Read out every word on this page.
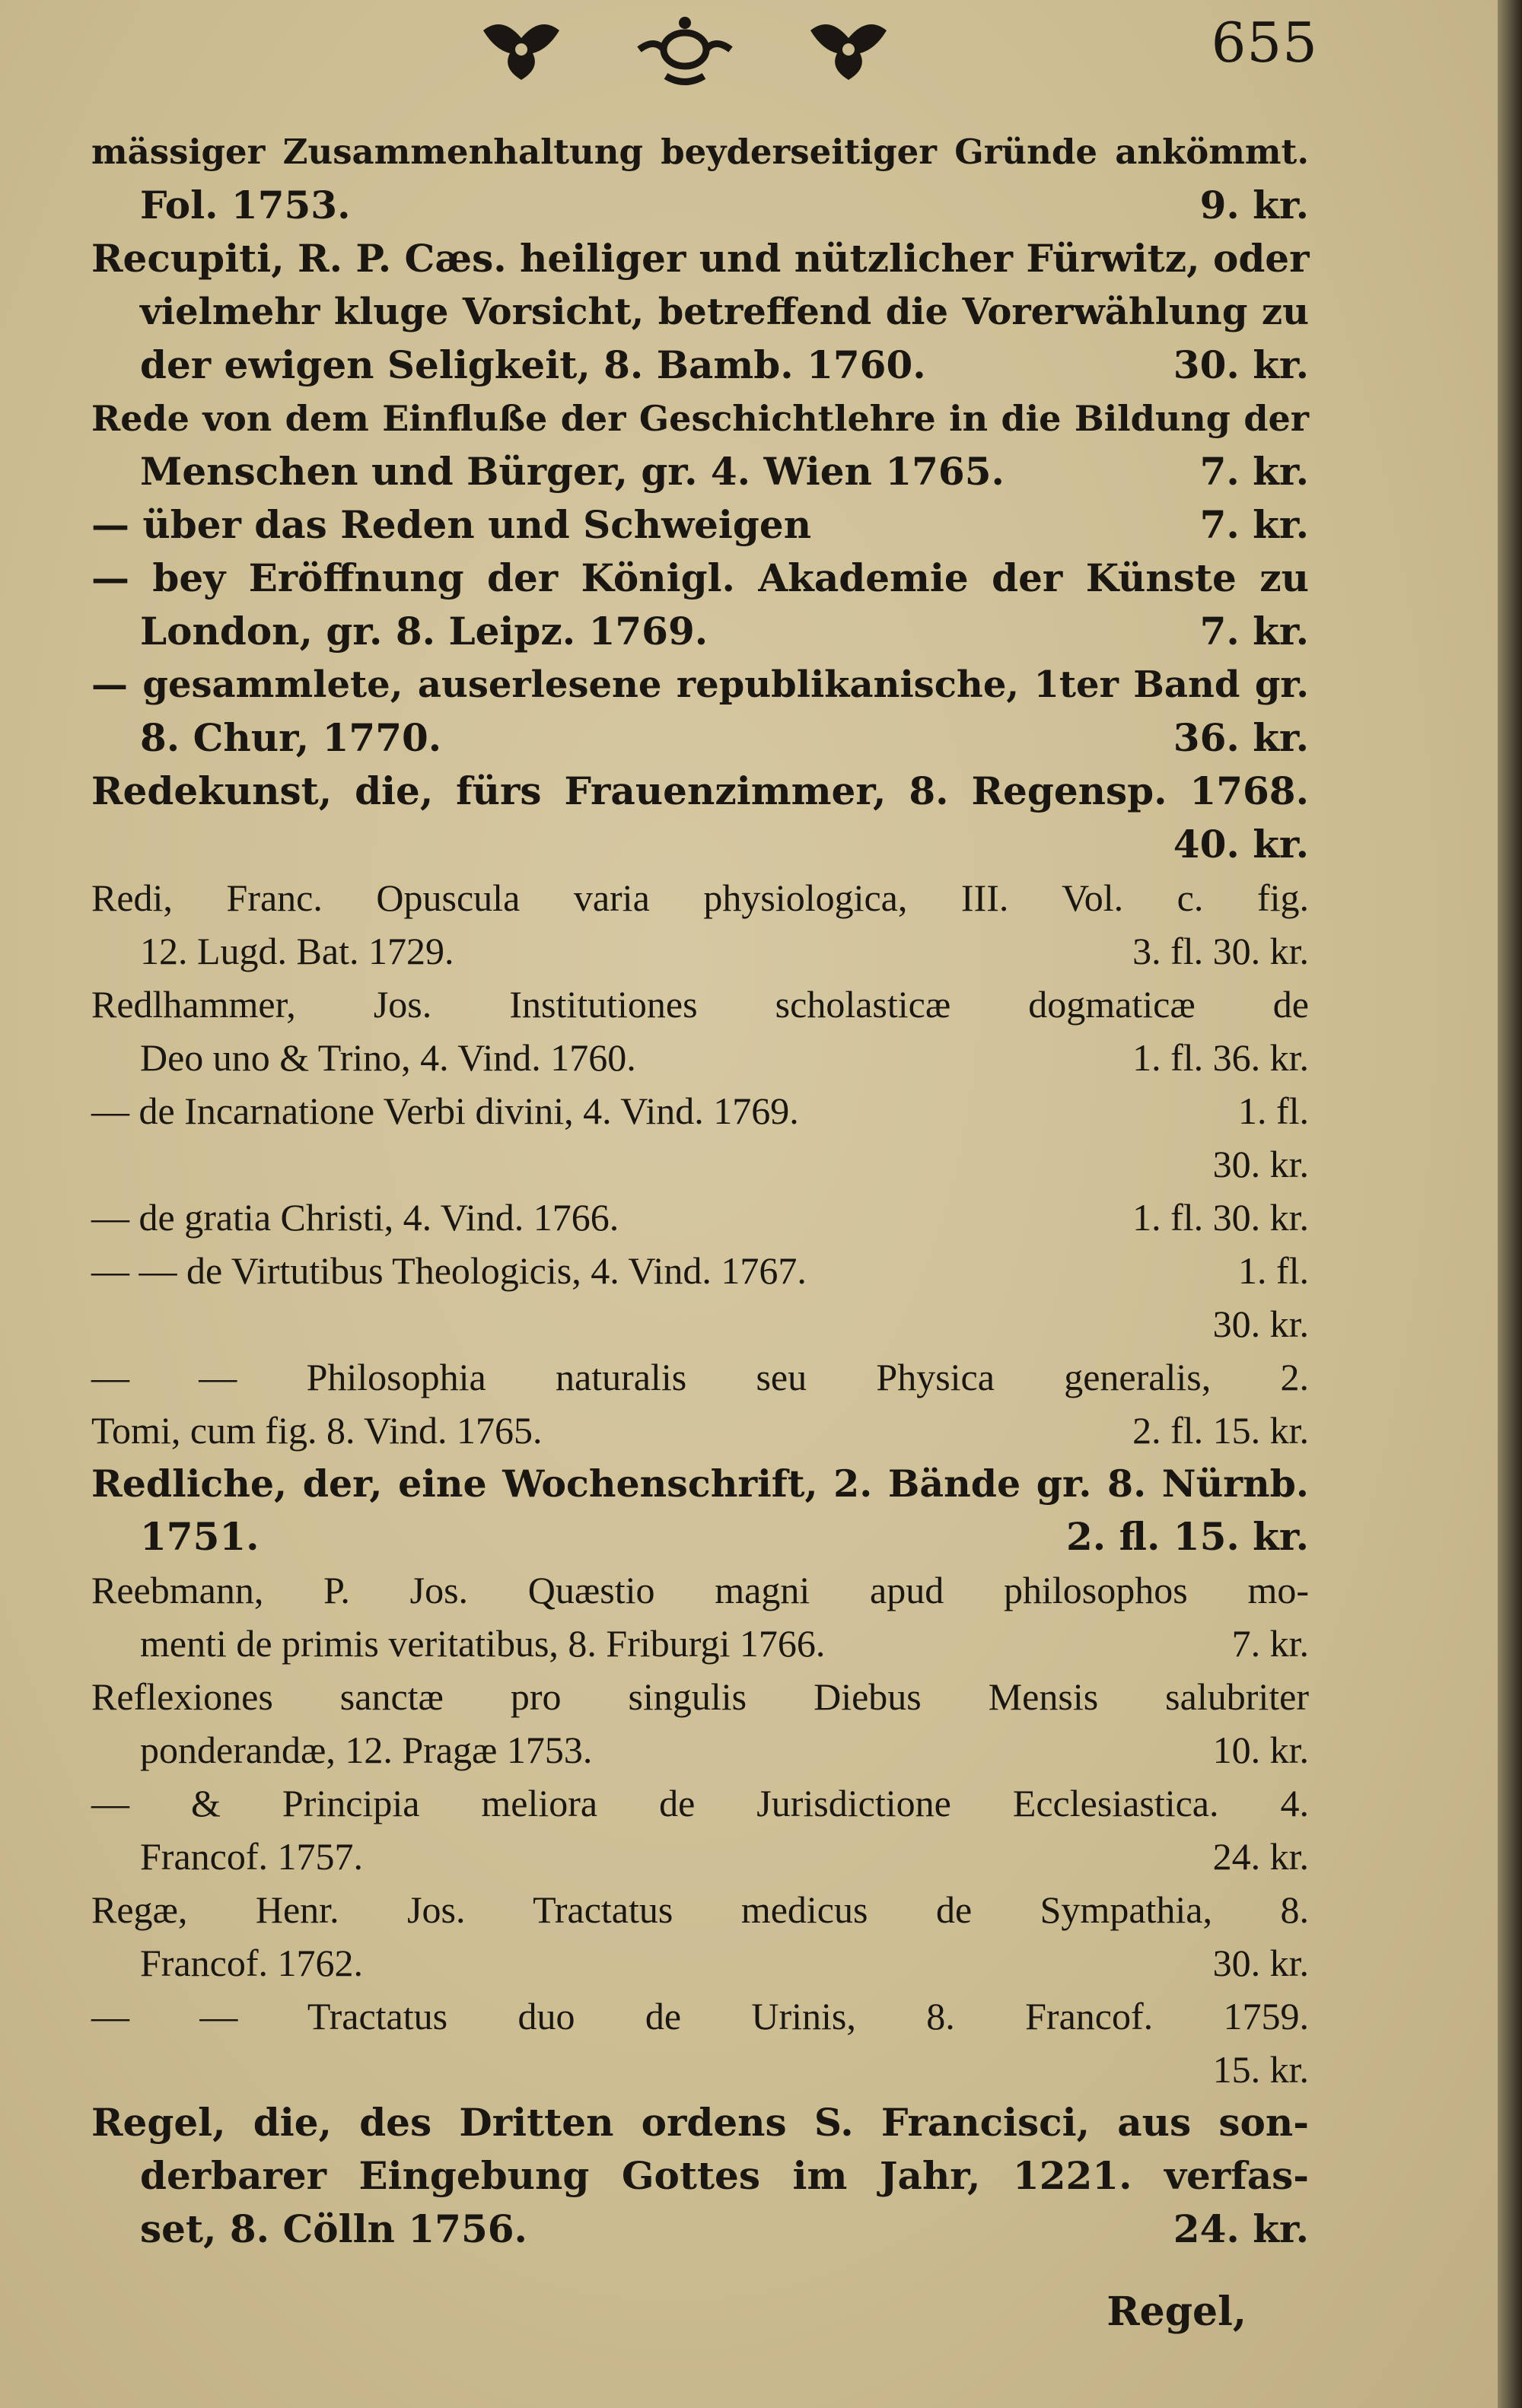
655
mässiger Zusammenhaltung beyderseitiger Gründe ankömmt.
Fol. 1753.	9. kr.
Recupiti, R. P. Cæs. heiliger und nützlicher Fürwitz, oder
vielmehr kluge Vorsicht, betreffend die Vorerwählung zu
der ewigen Seligkeit, 8. Bamb. 1760.	30. kr.
Rede von dem Einfluße der Geschichtlehre in die Bildung der
Menschen und Bürger, gr. 4. Wien 1765.	7. kr.
— über das Reden und Schweigen	7. kr.
— bey Eröffnung der Königl. Akademie der Künste zu
London, gr. 8. Leipz. 1769.	7. kr.
— gesammlete, auserlesene republikanische, 1ter Band gr.
8. Chur, 1770.	36. kr.
Redekunst, die, fürs Frauenzimmer, 8. Regensp. 1768.
40. kr.
Redi, Franc. Opuscula varia physiologica, III. Vol. c. fig.
12. Lugd. Bat. 1729.	3. fl. 30. kr.
Redlhammer, Jos. Institutiones scholasticæ dogmaticæ de
Deo uno & Trino, 4. Vind. 1760.	1. fl. 36. kr.
— de Incarnatione Verbi divini, 4. Vind. 1769.	1. fl.
30. kr.
— de gratia Christi, 4. Vind. 1766.	1. fl. 30. kr.
— — de Virtutibus Theologicis, 4. Vind. 1767.	1. fl.
30. kr.
— — Philosophia naturalis seu Physica generalis, 2.
Tomi, cum fig. 8. Vind. 1765.	2. fl. 15. kr.
Redliche, der, eine Wochenschrift, 2. Bände gr. 8. Nürnb.
1751.	2. fl. 15. kr.
Reebmann, P. Jos. Quæstio magni apud philosophos mo-
menti de primis veritatibus, 8. Friburgi 1766.	7. kr.
Reflexiones sanctæ pro singulis Diebus Mensis salubriter
ponderandæ, 12. Pragæ 1753.	10. kr.
— & Principia meliora de Jurisdictione Ecclesiastica. 4.
Francof. 1757.	24. kr.
Regæ, Henr. Jos. Tractatus medicus de Sympathia, 8.
Francof. 1762.	30. kr.
— — Tractatus duo de Urinis, 8. Francof. 1759.
15. kr.
Regel, die, des Dritten ordens S. Francisci, aus son-
derbarer Eingebung Gottes im Jahr, 1221. verfas-
set, 8. Cölln 1756.	24. kr.
Regel,
